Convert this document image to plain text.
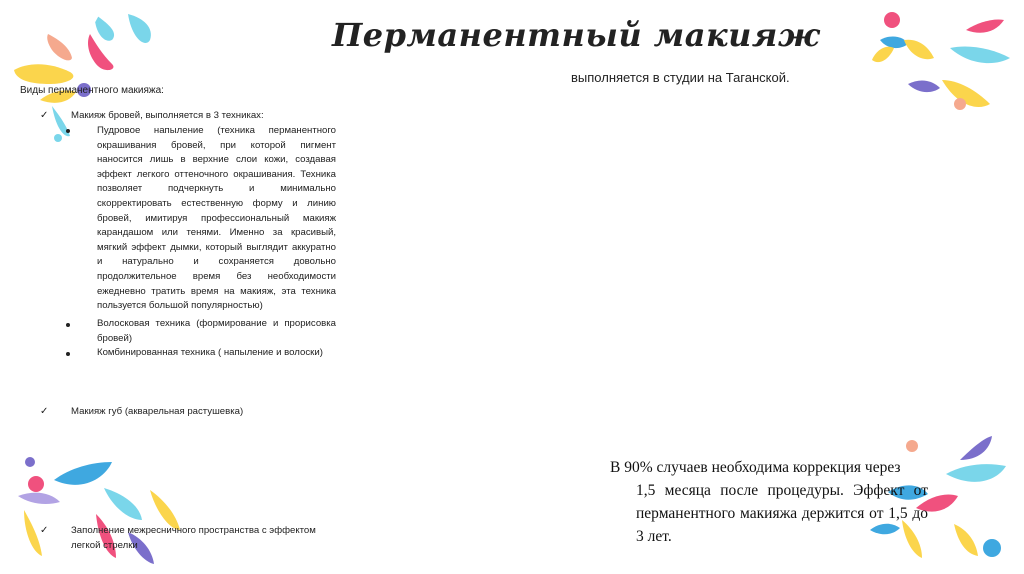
Перманентный макияж
выполняется в студии на Таганской.
Виды перманентного макияжа:
✓ Макияж бровей, выполняется в 3 техниках:

Пудровое напыление (техника перманентного окрашивания бровей, при которой пигмент наносится лишь в верхние слои кожи, создавая эффект легкого оттеночного окрашивания. Техника позволяет подчеркнуть и минимально скорректировать естественную форму и линию бровей, имитируя профессиональный макияж карандашом или тенями. Именно за красивый, мягкий эффект дымки, который выглядит аккуратно и натурально и сохраняется довольно продолжительное время без необходимости ежедневно тратить время на макияж, эта техника пользуется большой популярностью)

Волосковая техника (формирование и прорисовка бровей)

Комбинированная техника ( напыление и волоски)

✓ Макияж губ (акварельная растушевка)
✓ Заполнение межресничного пространства с эффектом легкой стрелки

В 90% случаев необходима коррекция через
1,5 месяца после процедуры. Эффект от перманентного макияжа держится от 1,5 до 3 лет.
